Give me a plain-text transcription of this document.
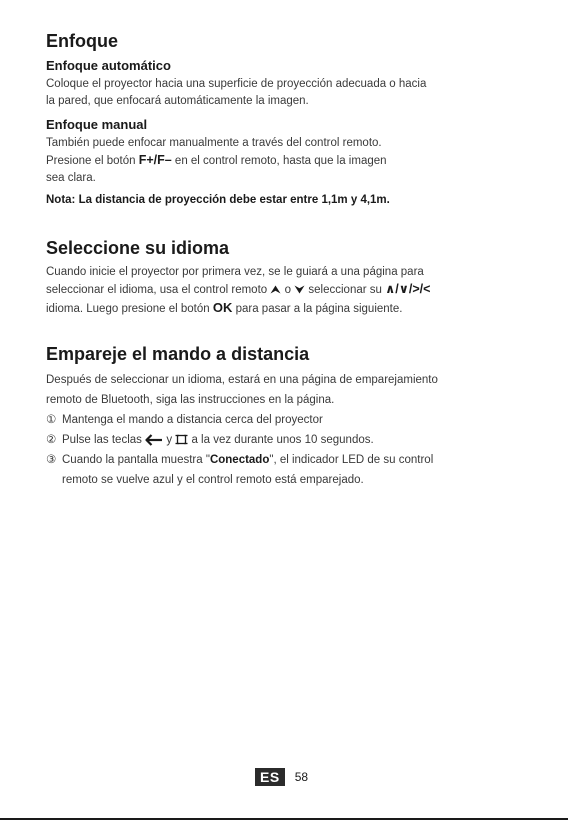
Enfoque
Enfoque automático
Coloque el proyector hacia una superficie de proyección adecuada o hacia
la pared, que enfocará automáticamente la imagen.
Enfoque manual
También puede enfocar manualmente a través del control remoto.
Presione el botón F+/F– en el control remoto, hasta que la imagen
sea clara.
Nota: La distancia de proyección debe estar entre 1,1m y 4,1m.
Seleccione su idioma
Cuando inicie el proyector por primera vez, se le guiará a una página para
seleccionar el idioma, usa el control remoto o seleccionar su ∧/∨/>/<
idioma. Luego presione el botón OK para pasar a la página siguiente.
Empareje el mando a distancia
Después de seleccionar un idioma, estará en una página de emparejamiento
remoto de Bluetooth, siga las instrucciones en la página.
① Mantenga el mando a distancia cerca del proyector
② Pulse las teclas y a la vez durante unos 10 segundos.
③ Cuando la pantalla muestra "Conectado", el indicador LED de su control
remoto se vuelve azul y el control remoto está emparejado.
ES	58
